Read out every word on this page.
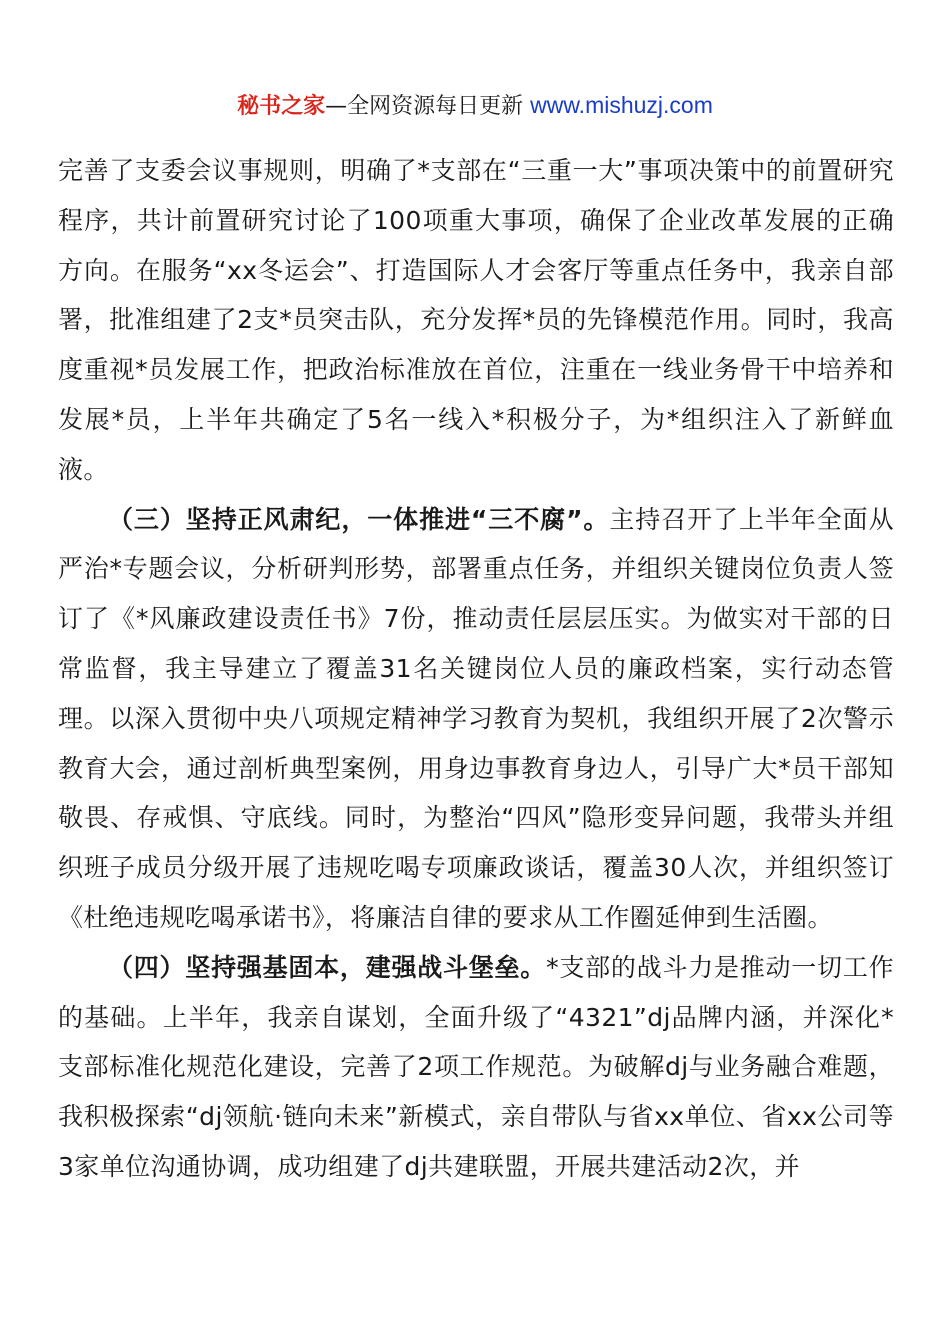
秘书之家—全网资源每日更新 www.mishuzj.com

完善了支委会议事规则，明确了*支部在“三重一大”事项决策中的前置研究程序，共计前置研究讨论了100项重大事项，确保了企业改革发展的正确方向。在服务“xx冬运会”、打造国际人才会客厅等重点任务中，我亲自部署，批准组建了2支*员突击队，充分发挥*员的先锋模范作用。同时，我高度重视*员发展工作，把政治标准放在首位，注重在一线业务骨干中培养和发展*员，上半年共确定了5名一线入*积极分子，为*组织注入了新鲜血液。

（三）坚持正风肃纪，一体推进“三不腐”。主持召开了上半年全面从严治*专题会议，分析研判形势，部署重点任务，并组织关键岗位负责人签订了《*风廉政建设责任书》7份，推动责任层层压实。为做实对干部的日常监督，我主导建立了覆盖31名关键岗位人员的廉政档案，实行动态管理。以深入贯彻中央八项规定精神学习教育为契机，我组织开展了2次警示教育大会，通过剖析典型案例，用身边事教育身边人，引导广大*员干部知敬畏、存戒惧、守底线。同时，为整治“四风”隐形变异问题，我带头并组织班子成员分级开展了违规吃喝专项廉政谈话，覆盖30人次，并组织签订《杜绝违规吃喝承诺书》，将廉洁自律的要求从工作圈延伸到生活圈。

（四）坚持强基固本，建强战斗堡垒。*支部的战斗力是推动一切工作的基础。上半年，我亲自谋划，全面升级了“4321”dj品牌内涵，并深化*支部标准化规范化建设，完善了2项工作规范。为破解dj与业务融合难题，我积极探索“dj领航·链向未来”新模式，亲自带队与省xx单位、省xx公司等3家单位沟通协调，成功组建了dj共建联盟，开展共建活动2次，并
